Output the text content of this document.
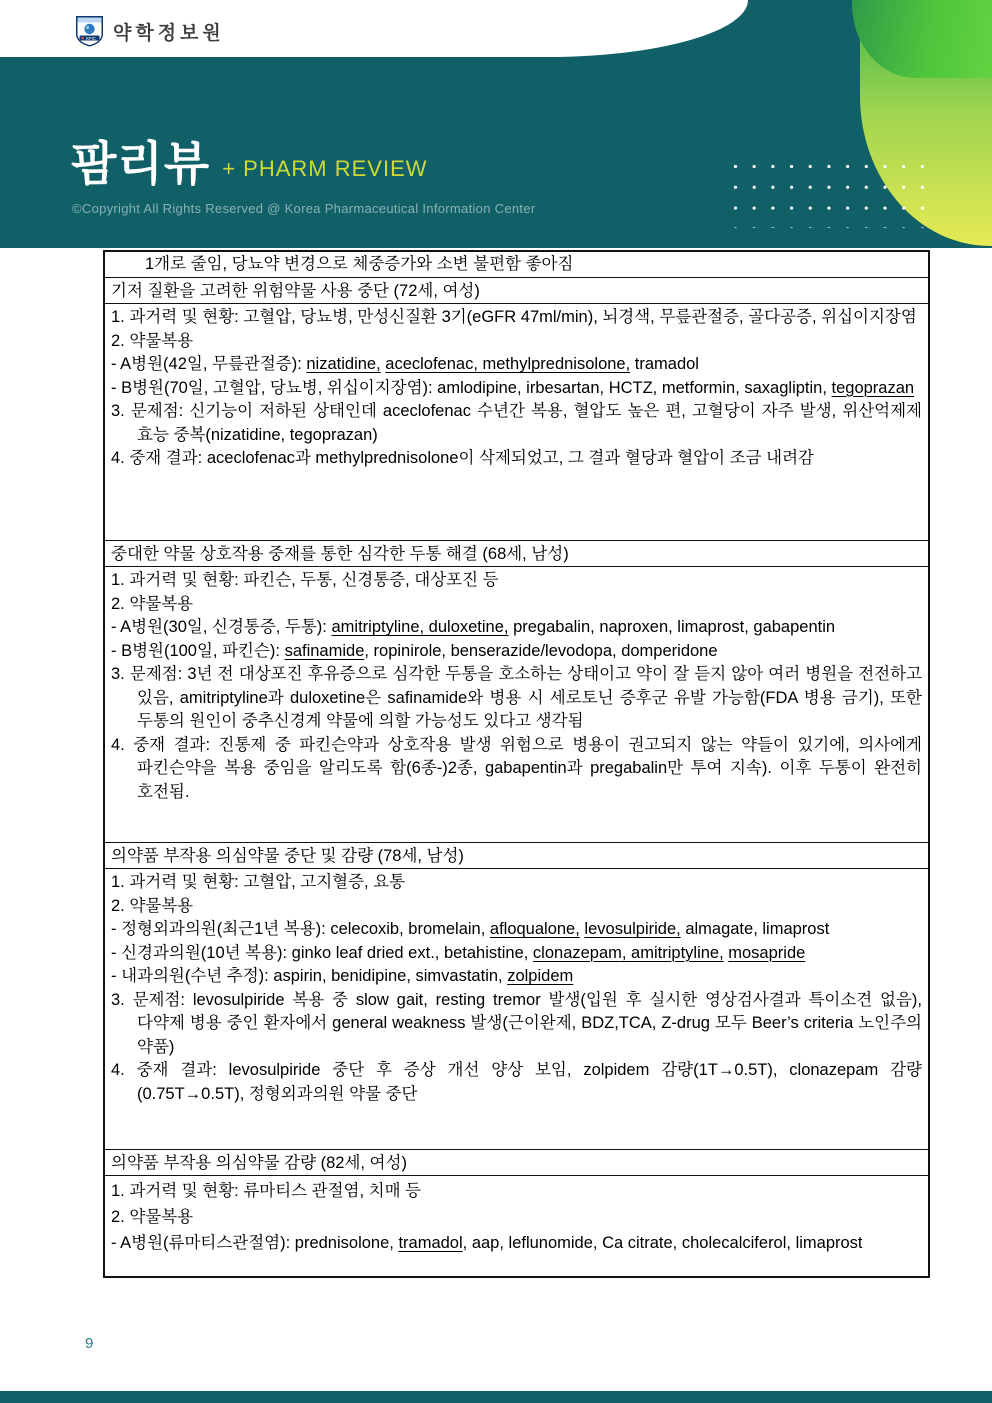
KPIC 약학정보원
팜리뷰 + PHARM REVIEW
©Copyright All Rights Reserved @ Korea Pharmaceutical Information Center
1개로 줄임, 당뇨약 변경으로 체중증가와 소변 불편함 좋아짐
기저 질환을 고려한 위험약물 사용 중단 (72세, 여성)
1. 과거력 및 현황: 고혈압, 당뇨병, 만성신질환 3기(eGFR 47ml/min), 뇌경색, 무릎관절증, 골다공증, 위십이지장염
2. 약물복용
- A병원(42일, 무릎관절증): nizatidine, aceclofenac, methylprednisolone, tramadol
- B병원(70일, 고혈압, 당뇨병, 위십이지장염): amlodipine, irbesartan, HCTZ, metformin, saxagliptin, tegoprazan
3. 문제점: 신기능이 저하된 상태인데 aceclofenac 수년간 복용, 혈압도 높은 편, 고혈당이 자주 발생, 위산억제제 효능 중복(nizatidine, tegoprazan)
4. 중재 결과: aceclofenac과 methylprednisolone이 삭제되었고, 그 결과 혈당과 혈압이 조금 내려감
중대한 약물 상호작용 중재를 통한 심각한 두통 해결 (68세, 남성)
1. 과거력 및 현황: 파킨슨, 두통, 신경통증, 대상포진 등
2. 약물복용
- A병원(30일, 신경통증, 두통): amitriptyline, duloxetine, pregabalin, naproxen, limaprost, gabapentin
- B병원(100일, 파킨슨): safinamide, ropinirole, benserazide/levodopa, domperidone
3. 문제점: 3년 전 대상포진 후유증으로 심각한 두통을 호소하는 상태이고 약이 잘 듣지 않아 여러 병원을 전전하고 있음, amitriptyline과 duloxetine은 safinamide와 병용 시 세로토닌 증후군 유발 가능함(FDA 병용 금기), 또한 두통의 원인이 중추신경계 약물에 의할 가능성도 있다고 생각됨
4. 중재 결과: 진통제 중 파킨슨약과 상호작용 발생 위험으로 병용이 권고되지 않는 약들이 있기에, 의사에게 파킨슨약을 복용 중임을 알리도록 함(6종-)2종, gabapentin과 pregabalin만 투여 지속). 이후 두통이 완전히 호전됨.
의약품 부작용 의심약물 중단 및 감량 (78세, 남성)
1. 과거력 및 현황: 고혈압, 고지혈증, 요통
2. 약물복용
- 정형외과의원(최근1년 복용): celecoxib, bromelain, afloqualone, levosulpiride, almagate, limaprost
- 신경과의원(10년 복용): ginko leaf dried ext., betahistine, clonazepam, amitriptyline, mosapride
- 내과의원(수년 추정): aspirin, benidipine, simvastatin, zolpidem
3. 문제점: levosulpiride 복용 중 slow gait, resting tremor 발생(입원 후 실시한 영상검사결과 특이소견 없음), 다약제 병용 중인 환자에서 general weakness 발생(근이완제, BDZ,TCA, Z-drug 모두 Beer’s criteria 노인주의 약품)
4. 중재 결과: levosulpiride 중단 후 증상 개선 양상 보임, zolpidem 감량(1T→0.5T), clonazepam 감량(0.75T→0.5T), 정형외과의원 약물 중단
의약품 부작용 의심약물 감량 (82세, 여성)
1. 과거력 및 현황: 류마티스 관절염, 치매 등
2. 약물복용
- A병원(류마티스관절염): prednisolone, tramadol, aap, leflunomide, Ca citrate, cholecalciferol, limaprost
9
